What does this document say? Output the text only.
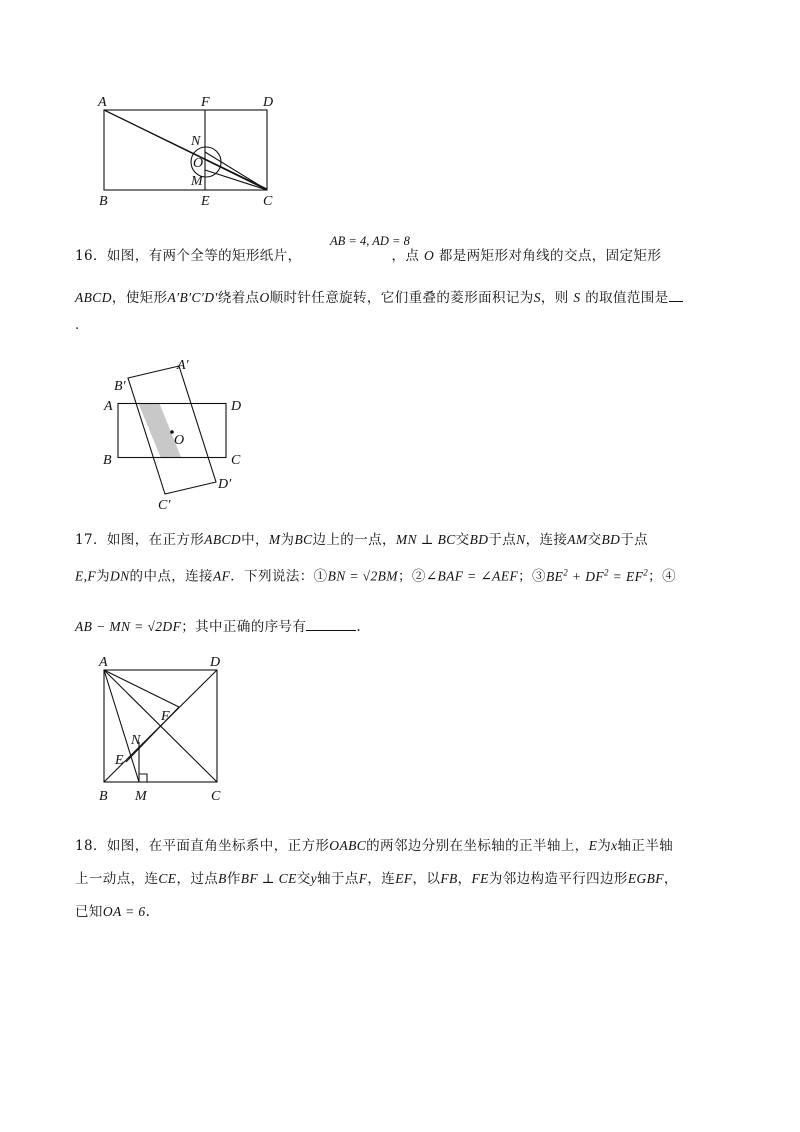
A	F	D
N
O
M
B	E	C
AB = 4, AD = 8
16．如图，有两个全等的矩形纸片，	，点 O 都是两矩形对角线的交点，固定矩形
ABCD，使矩形A′B′C′D′绕着点O顺时针任意旋转，它们重叠的菱形面积记为S，则 S 的取值范围是
.
A′
B′
A	D
O
B	C
C′
D′
17．如图，在正方形ABCD中，M为BC边上的一点，MN ⊥ BC交BD于点N，连接AM交BD于点
E,F为DN的中点，连接AF．下列说法：①BN = √2BM；②∠BAF = ∠AEF；$③BE^2 + DF^2 = EF^2$；④
AB − MN = √2DF；其中正确的序号有	.
A	D
F
N
E
B M	C
18．如图，在平面直角坐标系中，正方形OABC的两邻边分别在坐标轴的正半轴上，E为x轴正半轴
上一动点，连CE，过点B作BF ⊥ CE交y轴于点F，连EF，以FB，FE为邻边构造平行四边形EGBF，
已知OA = 6.
